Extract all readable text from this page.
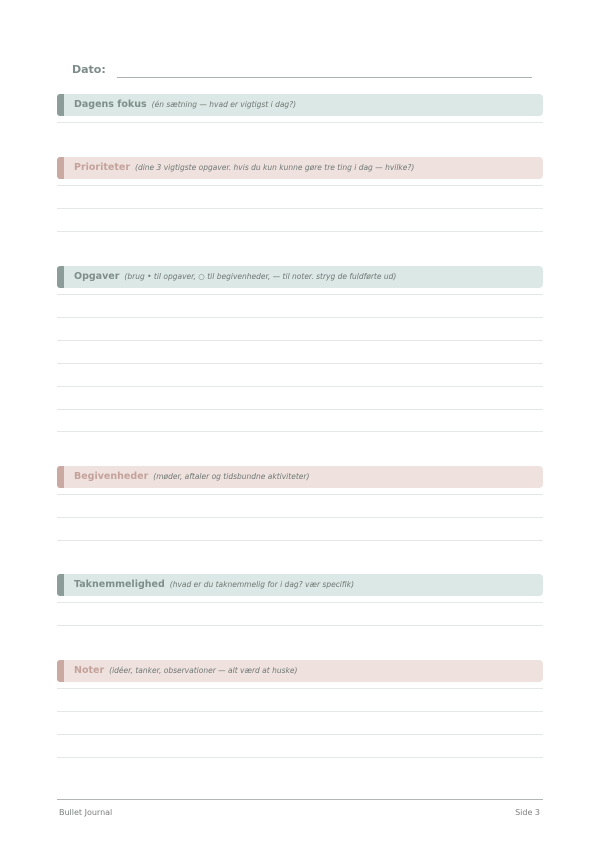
Dato:
Dagens fokus (én sætning — hvad er vigtigst i dag?)
Prioriteter (dine 3 vigtigste opgaver. hvis du kun kunne gøre tre ting i dag — hvilke?)
Opgaver (brug • til opgaver, ○ til begivenheder, — til noter. stryg de fuldførte ud)
Begivenheder (møder, aftaler og tidsbundne aktiviteter)
Taknemmelighed (hvad er du taknemmelig for i dag? vær specifik)
Noter (idéer, tanker, observationer — alt værd at huske)
Bullet Journal	Side 3
